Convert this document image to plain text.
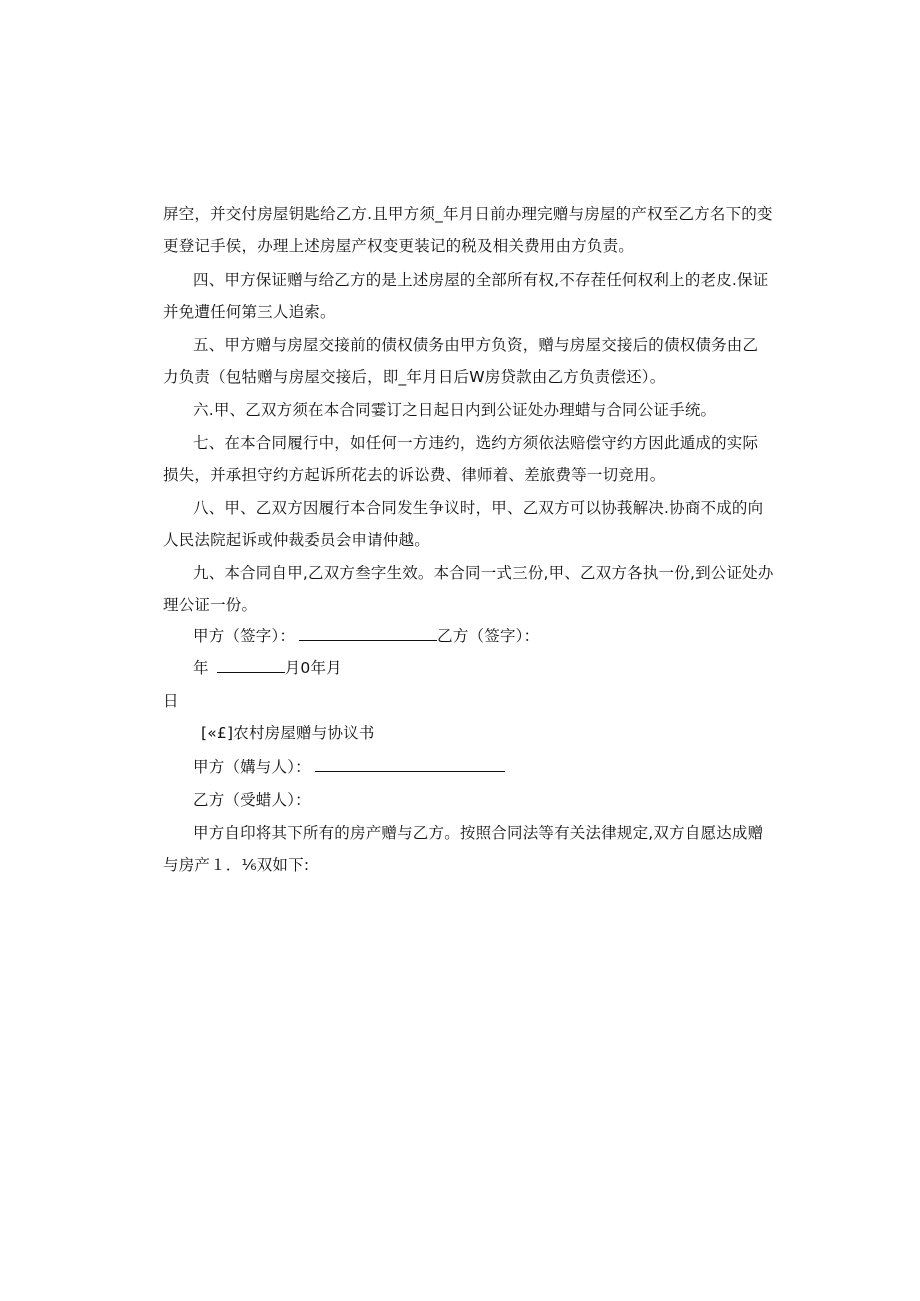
屏空，并交付房屋钥匙给乙方.且甲方须_年月日前办理完赠与房屋的产权至乙方名下的变
更登记手侯，办理上述房屋产权变更装记的税及相关费用由方负责。
四、甲方保证赠与给乙方的是上述房屋的全部所有权,不存茬任何权利上的老皮.保证
并免遭任何第三人追索。
五、甲方赠与房屋交接前的债权债务由甲方负资，赠与房屋交接后的债权债务由乙
力负责（包牯赠与房屋交接后，即_年月日后W房贷款由乙方负责偿还）。
六.甲、乙双方须在本合同霎订之日起日内到公证处办理蜡与合同公证手统。
七、在本合同履行中，如任何一方违约，选约方须依法赔偿守约方因此遁成的实际
损失，并承担守约方起诉所花去的诉讼费、律师着、差旅费等一切竞用。
八、甲、乙双方因履行本合同发生争议时，甲、乙双方可以协莪解决.协商不成的向
人民法院起诉或仲裁委员会申请仲越。
九、本合同自甲,乙双方叁字生效。本合同一式三份,甲、乙双方各执一份,到公证处办
理公证一份。
甲方（签字）：	乙方（签字）：
年	月0年月
日
[«£]农村房屋赠与协议书
甲方（媾与人）：
乙方（受蜡人）：
甲方自印将其下所有的房产赠与乙方。按照合同法等有关法律规定,双方自愿达成赠
与房产１．⅙双如下:
